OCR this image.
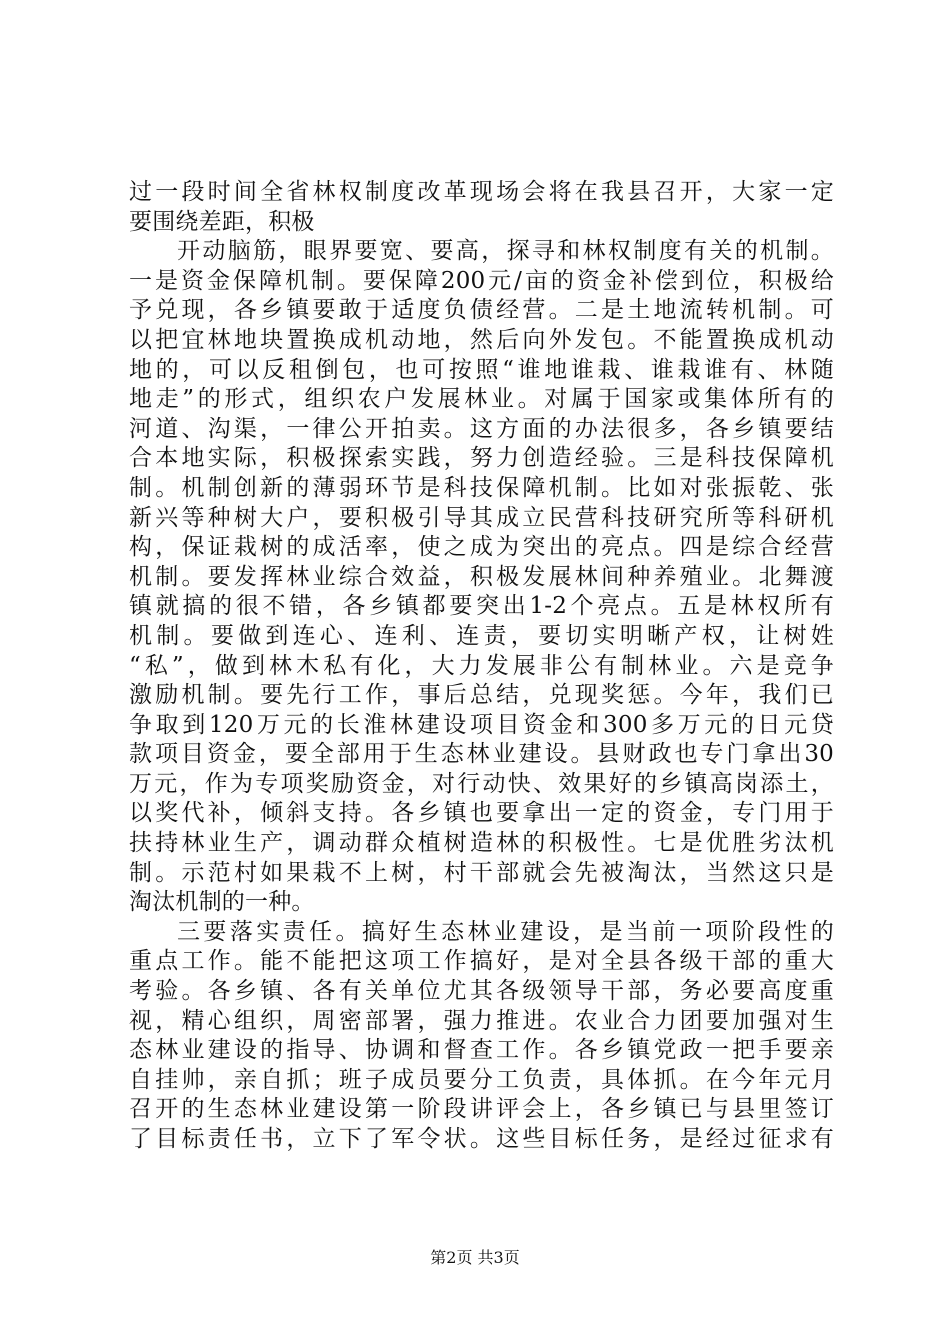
过一段时间全省林权制度改革现场会将在我县召开，大家一定
要围绕差距，积极
开动脑筋，眼界要宽、要高，探寻和林权制度有关的机制。
一是资金保障机制。要保障200元/亩的资金补偿到位，积极给
予兑现，各乡镇要敢于适度负债经营。二是土地流转机制。可
以把宜林地块置换成机动地，然后向外发包。不能置换成机动
地的，可以反租倒包，也可按照“谁地谁栽、谁栽谁有、林随
地走”的形式，组织农户发展林业。对属于国家或集体所有的
河道、沟渠，一律公开拍卖。这方面的办法很多，各乡镇要结
合本地实际，积极探索实践，努力创造经验。三是科技保障机
制。机制创新的薄弱环节是科技保障机制。比如对张振乾、张
新兴等种树大户，要积极引导其成立民营科技研究所等科研机
构，保证栽树的成活率，使之成为突出的亮点。四是综合经营
机制。要发挥林业综合效益，积极发展林间种养殖业。北舞渡
镇就搞的很不错，各乡镇都要突出1-2个亮点。五是林权所有
机制。要做到连心、连利、连责，要切实明晰产权，让树姓
“私”，做到林木私有化，大力发展非公有制林业。六是竞争
激励机制。要先行工作，事后总结，兑现奖惩。今年，我们已
争取到120万元的长淮林建设项目资金和300多万元的日元贷
款项目资金，要全部用于生态林业建设。县财政也专门拿出30
万元，作为专项奖励资金，对行动快、效果好的乡镇高岗添土，
以奖代补，倾斜支持。各乡镇也要拿出一定的资金，专门用于
扶持林业生产，调动群众植树造林的积极性。七是优胜劣汰机
制。示范村如果栽不上树，村干部就会先被淘汰，当然这只是
淘汰机制的一种。
三要落实责任。搞好生态林业建设，是当前一项阶段性的
重点工作。能不能把这项工作搞好，是对全县各级干部的重大
考验。各乡镇、各有关单位尤其各级领导干部，务必要高度重
视，精心组织，周密部署，强力推进。农业合力团要加强对生
态林业建设的指导、协调和督查工作。各乡镇党政一把手要亲
自挂帅，亲自抓；班子成员要分工负责，具体抓。在今年元月
召开的生态林业建设第一阶段讲评会上，各乡镇已与县里签订
了目标责任书，立下了军令状。这些目标任务，是经过征求有
第2页 共3页
